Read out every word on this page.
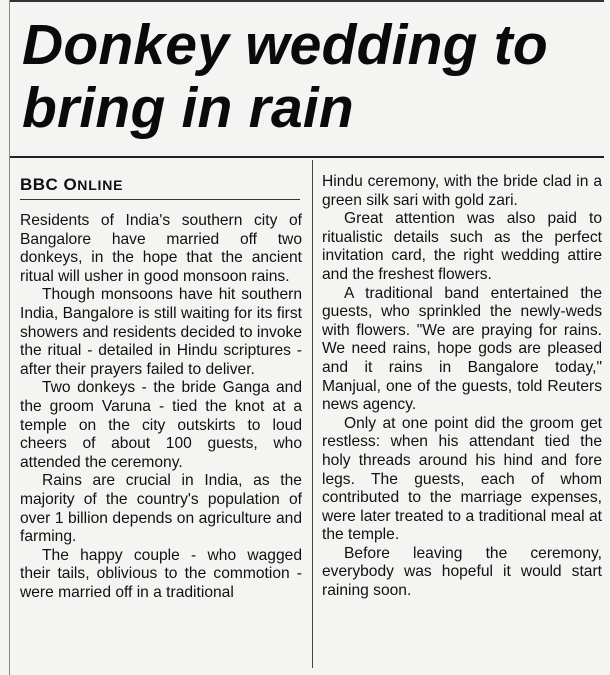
Donkey wedding to bring in rain
BBC ONLINE

Residents of India's southern city of Bangalore have married off two donkeys, in the hope that the ancient ritual will usher in good monsoon rains.

Though monsoons have hit southern India, Bangalore is still waiting for its first showers and residents decided to invoke the ritual - detailed in Hindu scriptures - after their prayers failed to deliver.

Two donkeys - the bride Ganga and the groom Varuna - tied the knot at a temple on the city outskirts to loud cheers of about 100 guests, who attended the ceremony.

Rains are crucial in India, as the majority of the country's population of over 1 billion depends on agriculture and farming.

The happy couple - who wagged their tails, oblivious to the commotion - were married off in a traditional

Hindu ceremony, with the bride clad in a green silk sari with gold zari.

Great attention was also paid to ritualistic details such as the perfect invitation card, the right wedding attire and the freshest flowers.

A traditional band entertained the guests, who sprinkled the newly-weds with flowers. "We are praying for rains. We need rains, hope gods are pleased and it rains in Bangalore today," Manjual, one of the guests, told Reuters news agency.

Only at one point did the groom get restless: when his attendant tied the holy threads around his hind and fore legs. The guests, each of whom contributed to the marriage expenses, were later treated to a traditional meal at the temple.

Before leaving the ceremony, everybody was hopeful it would start raining soon.
